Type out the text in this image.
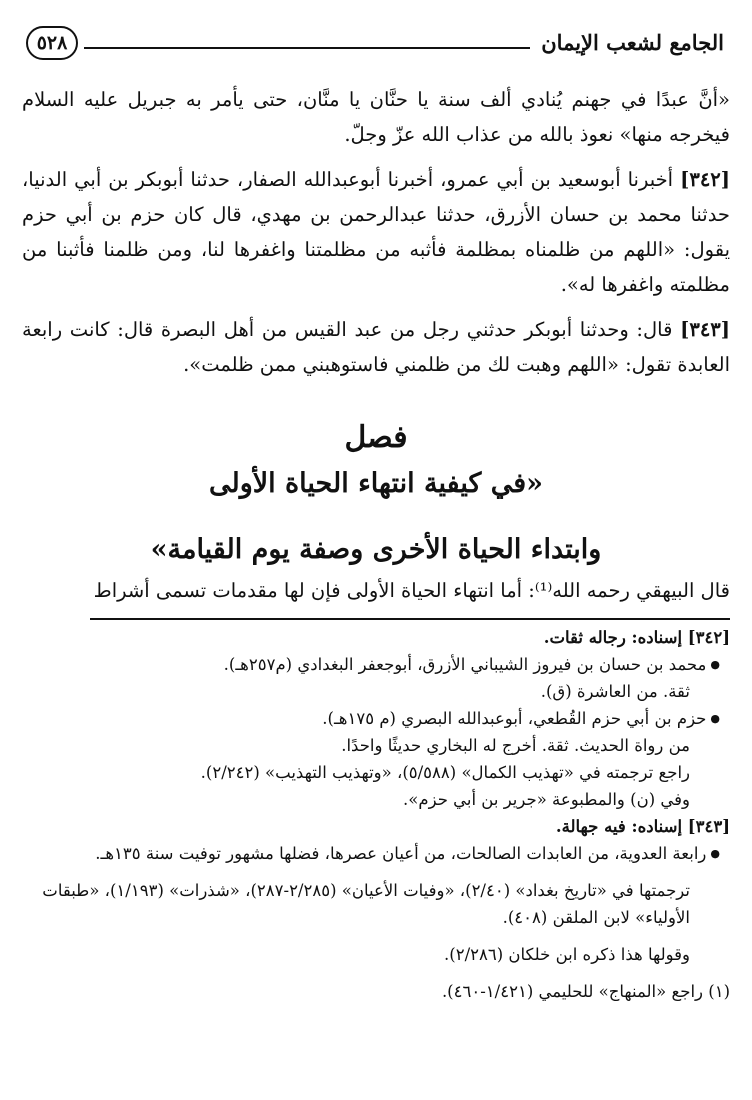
الجامع لشعب الإيمان
٥٢٨

«أنَّ عبدًا في جهنم يُنادي ألف سنة يا حنَّان يا منَّان، حتى يأمر به جبريل عليه السلام فيخرجه منها» نعوذ بالله من عذاب الله عزّ وجلّ.

[٣٤٢] أخبرنا أبوسعيد بن أبي عمرو، أخبرنا أبوعبدالله الصفار، حدثنا أبوبكر بن أبي الدنيا، حدثنا محمد بن حسان الأزرق، حدثنا عبدالرحمن بن مهدي، قال كان حزم بن أبي حزم يقول: «اللهم من ظلمناه بمظلمة فأثبه من مظلمتنا واغفرها لنا، ومن ظلمنا فأثبنا من مظلمته واغفرها له».

[٣٤٣] قال: وحدثنا أبوبكر حدثني رجل من عبد القيس من أهل البصرة قال: كانت رابعة العابدة تقول: «اللهم وهبت لك من ظلمني فاستوهبني ممن ظلمت».

فصل
«في كيفية انتهاء الحياة الأولى
وابتداء الحياة الأخرى وصفة يوم القيامة»
قال البيهقي رحمه الله⁽¹⁾: أما انتهاء الحياة الأولى فإن لها مقدمات تسمى أشراط

[٣٤٢] إسناده: رجاله ثقات.

● محمد بن حسان بن فيروز الشيباني الأزرق، أبوجعفر البغدادي (م٢٥٧هـ).

ثقة. من العاشرة (ق).

● حزم بن أبي حزم القُطعي، أبوعبدالله البصري (م ١٧٥هـ).

من رواة الحديث. ثقة. أخرج له البخاري حديثًا واحدًا.

راجع ترجمته في «تهذيب الكمال» (٥/٥٨٨)، «وتهذيب التهذيب» (٢/٢٤٢).

وفي (ن) والمطبوعة «جرير بن أبي حزم».

[٣٤٣] إسناده: فيه جهالة.

● رابعة العدوية، من العابدات الصالحات، من أعيان عصرها، فضلها مشهور توفيت سنة ١٣٥هـ.

ترجمتها في «تاريخ بغداد» (٢/٤٠)، «وفيات الأعيان» (٢/٢٨٥-٢٨٧)، «شذرات» (١/١٩٣)، «طبقات الأولياء» لابن الملقن (٤٠٨).

وقولها هذا ذكره ابن خلكان (٢/٢٨٦).

(١) راجع «المنهاج» للحليمي (١/٤٢١-٤٦٠).
